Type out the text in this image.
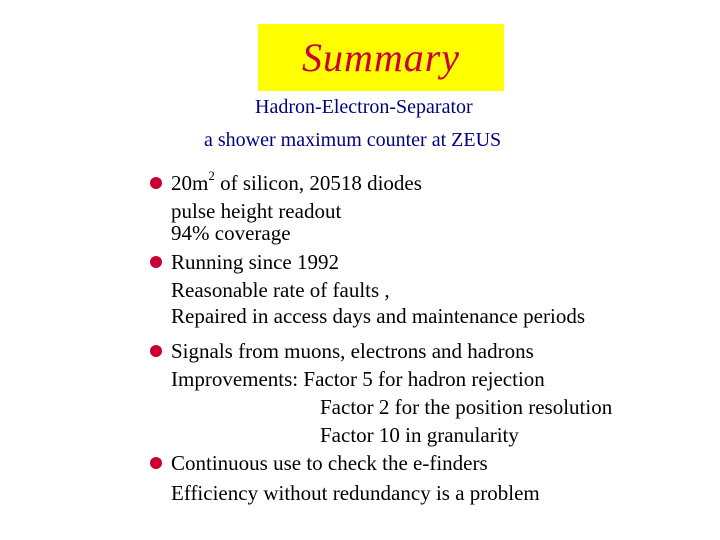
Summary
Hadron-Electron-Separator
a shower maximum counter at ZEUS
$20m^2$ of silicon, 20518 diodes
pulse height readout
94% coverage
Running since 1992
Reasonable rate of faults ,
Repaired in access days and maintenance periods
Signals from muons, electrons and hadrons
Improvements: Factor 5 for hadron rejection
Factor 2 for the position resolution
Factor 10 in granularity
Continuous use to check the e-finders
Efficiency without redundancy is a problem
